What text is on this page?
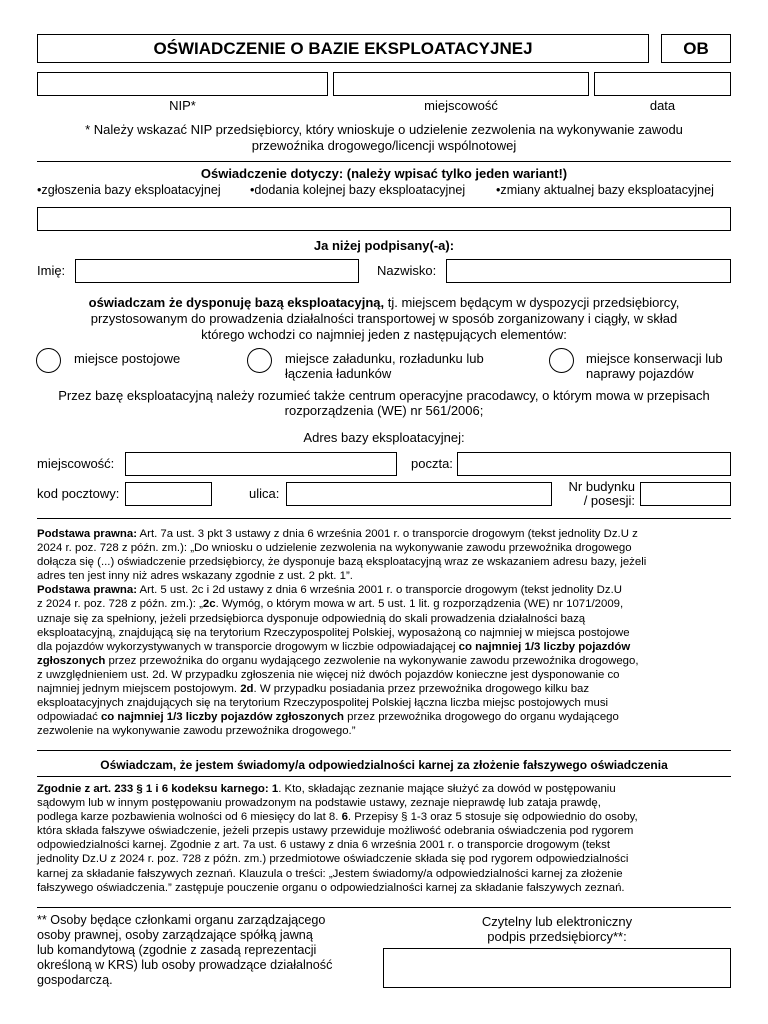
OŚWIADCZENIE O BAZIE EKSPLOATACYJNEJ	OB
NIP*	miejscowość	data
* Należy wskazać NIP przedsiębiorcy, który wnioskuje o udzielenie zezwolenia na wykonywanie zawodu
przewoźnika drogowego/licencji wspólnotowej
Oświadczenie dotyczy: (należy wpisać tylko jeden wariant!)
•zgłoszenia bazy eksploatacyjnej •dodania kolejnej bazy eksploatacyjnej •zmiany aktualnej bazy eksploatacyjnej
Ja niżej podpisany(-a):
Imię:	Nazwisko:
oświadczam że dysponuję bazą eksploatacyjną, tj. miejscem będącym w dyspozycji przedsiębiorcy,
przystosowanym do prowadzenia działalności transportowej w sposób zorganizowany i ciągły, w skład
którego wchodzi co najmniej jeden z następujących elementów:
miejsce postojowe	miejsce załadunku, rozładunku lub
łączenia ładunków
miejsce konserwacji lub
naprawy pojazdów
Przez bazę eksploatacyjną należy rozumieć także centrum operacyjne pracodawcy, o którym mowa w przepisach
rozporządzenia (WE) nr 561/2006;
Adres bazy eksploatacyjnej:
miejscowość:	poczta:
kod pocztowy:	ulica:	Nr budynku
/ posesji:
Podstawa prawna: Art. 7a ust. 3 pkt 3 ustawy z dnia 6 września 2001 r. o transporcie drogowym (tekst jednolity Dz.U z
2024 r. poz. 728 z późn. zm.): „Do wniosku o udzielenie zezwolenia na wykonywanie zawodu przewoźnika drogowego
dołącza się (...) oświadczenie przedsiębiorcy, że dysponuje bazą eksploatacyjną wraz ze wskazaniem adresu bazy, jeżeli
adres ten jest inny niż adres wskazany zgodnie z ust. 2 pkt. 1”.
Podstawa prawna: Art. 5 ust. 2c i 2d ustawy z dnia 6 września 2001 r. o transporcie drogowym (tekst jednolity Dz.U
z 2024 r. poz. 728 z późn. zm.): „2c. Wymóg, o którym mowa w art. 5 ust. 1 lit. g rozporządzenia (WE) nr 1071/2009,
uznaje się za spełniony, jeżeli przedsiębiorca dysponuje odpowiednią do skali prowadzenia działalności bazą
eksploatacyjną, znajdującą się na terytorium Rzeczypospolitej Polskiej, wyposażoną co najmniej w miejsca postojowe
dla pojazdów wykorzystywanych w transporcie drogowym w liczbie odpowiadającej co najmniej 1/3 liczby pojazdów
zgłoszonych przez przewoźnika do organu wydającego zezwolenie na wykonywanie zawodu przewoźnika drogowego,
z uwzględnieniem ust. 2d. W przypadku zgłoszenia nie więcej niż dwóch pojazdów konieczne jest dysponowanie co
najmniej jednym miejscem postojowym. 2d. W przypadku posiadania przez przewoźnika drogowego kilku baz
eksploatacyjnych znajdujących się na terytorium Rzeczypospolitej Polskiej łączna liczba miejsc postojowych musi
odpowiadać co najmniej 1/3 liczby pojazdów zgłoszonych przez przewoźnika drogowego do organu wydającego
zezwolenie na wykonywanie zawodu przewoźnika drogowego.”
Oświadczam, że jestem świadomy/a odpowiedzialności karnej za złożenie fałszywego oświadczenia
Zgodnie z art. 233 § 1 i 6 kodeksu karnego: 1. Kto, składając zeznanie mające służyć za dowód w postępowaniu
sądowym lub w innym postępowaniu prowadzonym na podstawie ustawy, zeznaje nieprawdę lub zataja prawdę,
podlega karze pozbawienia wolności od 6 miesięcy do lat 8. 6. Przepisy § 1-3 oraz 5 stosuje się odpowiednio do osoby,
która składa fałszywe oświadczenie, jeżeli przepis ustawy przewiduje możliwość odebrania oświadczenia pod rygorem
odpowiedzialności karnej. Zgodnie z art. 7a ust. 6 ustawy z dnia 6 września 2001 r. o transporcie drogowym (tekst
jednolity Dz.U z 2024 r. poz. 728 z późn. zm.) przedmiotowe oświadczenie składa się pod rygorem odpowiedzialności
karnej za składanie fałszywych zeznań. Klauzula o treści: „Jestem świadomy/a odpowiedzialności karnej za złożenie
fałszywego oświadczenia.” zastępuje pouczenie organu o odpowiedzialności karnej za składanie fałszywych zeznań.
** Osoby będące członkami organu zarządzającego
osoby prawnej, osoby zarządzające spółką jawną
lub komandytową (zgodnie z zasadą reprezentacji
określoną w KRS) lub osoby prowadzące działalność
gospodarczą.
Czytelny lub elektroniczny
podpis przedsiębiorcy**:
